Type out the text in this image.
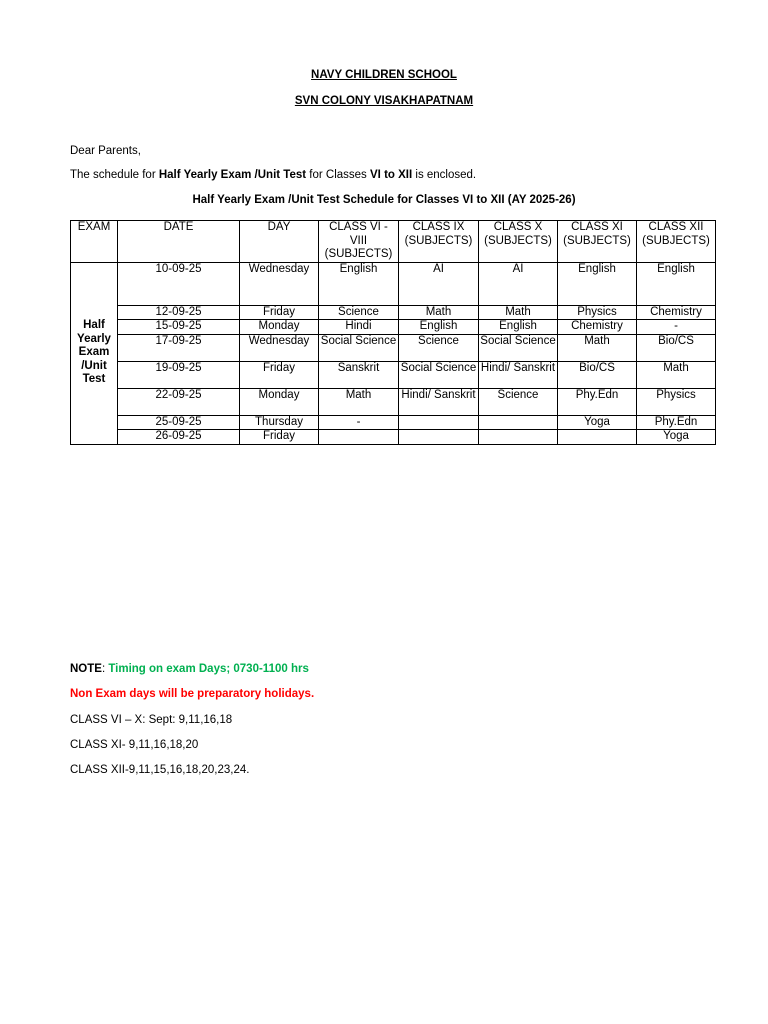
NAVY CHILDREN SCHOOL
SVN COLONY VISAKHAPATNAM
Dear Parents,
The schedule for Half Yearly Exam /Unit Test for Classes VI to XII is enclosed.
Half Yearly Exam /Unit Test Schedule for Classes VI to XII (AY 2025-26)
EXAM	DATE	DAY	CLASS VI - VIII (SUBJECTS)	CLASS IX (SUBJECTS)	CLASS X (SUBJECTS)	CLASS XI (SUBJECTS)	CLASS XII (SUBJECTS)
Half Yearly Exam /Unit Test	10-09-25	Wednesday	English	AI	AI	English	English
	12-09-25	Friday	Science	Math	Math	Physics	Chemistry
	15-09-25	Monday	Hindi	English	English	Chemistry	-
	17-09-25	Wednesday	Social Science	Science	Social Science	Math	Bio/CS
	19-09-25	Friday	Sanskrit	Social Science	Hindi/ Sanskrit	Bio/CS	Math
	22-09-25	Monday	Math	Hindi/ Sanskrit	Science	Phy.Edn	Physics
	25-09-25	Thursday	-			Yoga	Phy.Edn
	26-09-25	Friday					Yoga
NOTE: Timing on exam Days; 0730-1100 hrs
Non Exam days will be preparatory holidays.
CLASS VI – X: Sept: 9,11,16,18
CLASS XI- 9,11,16,18,20
CLASS XII-9,11,15,16,18,20,23,24.
